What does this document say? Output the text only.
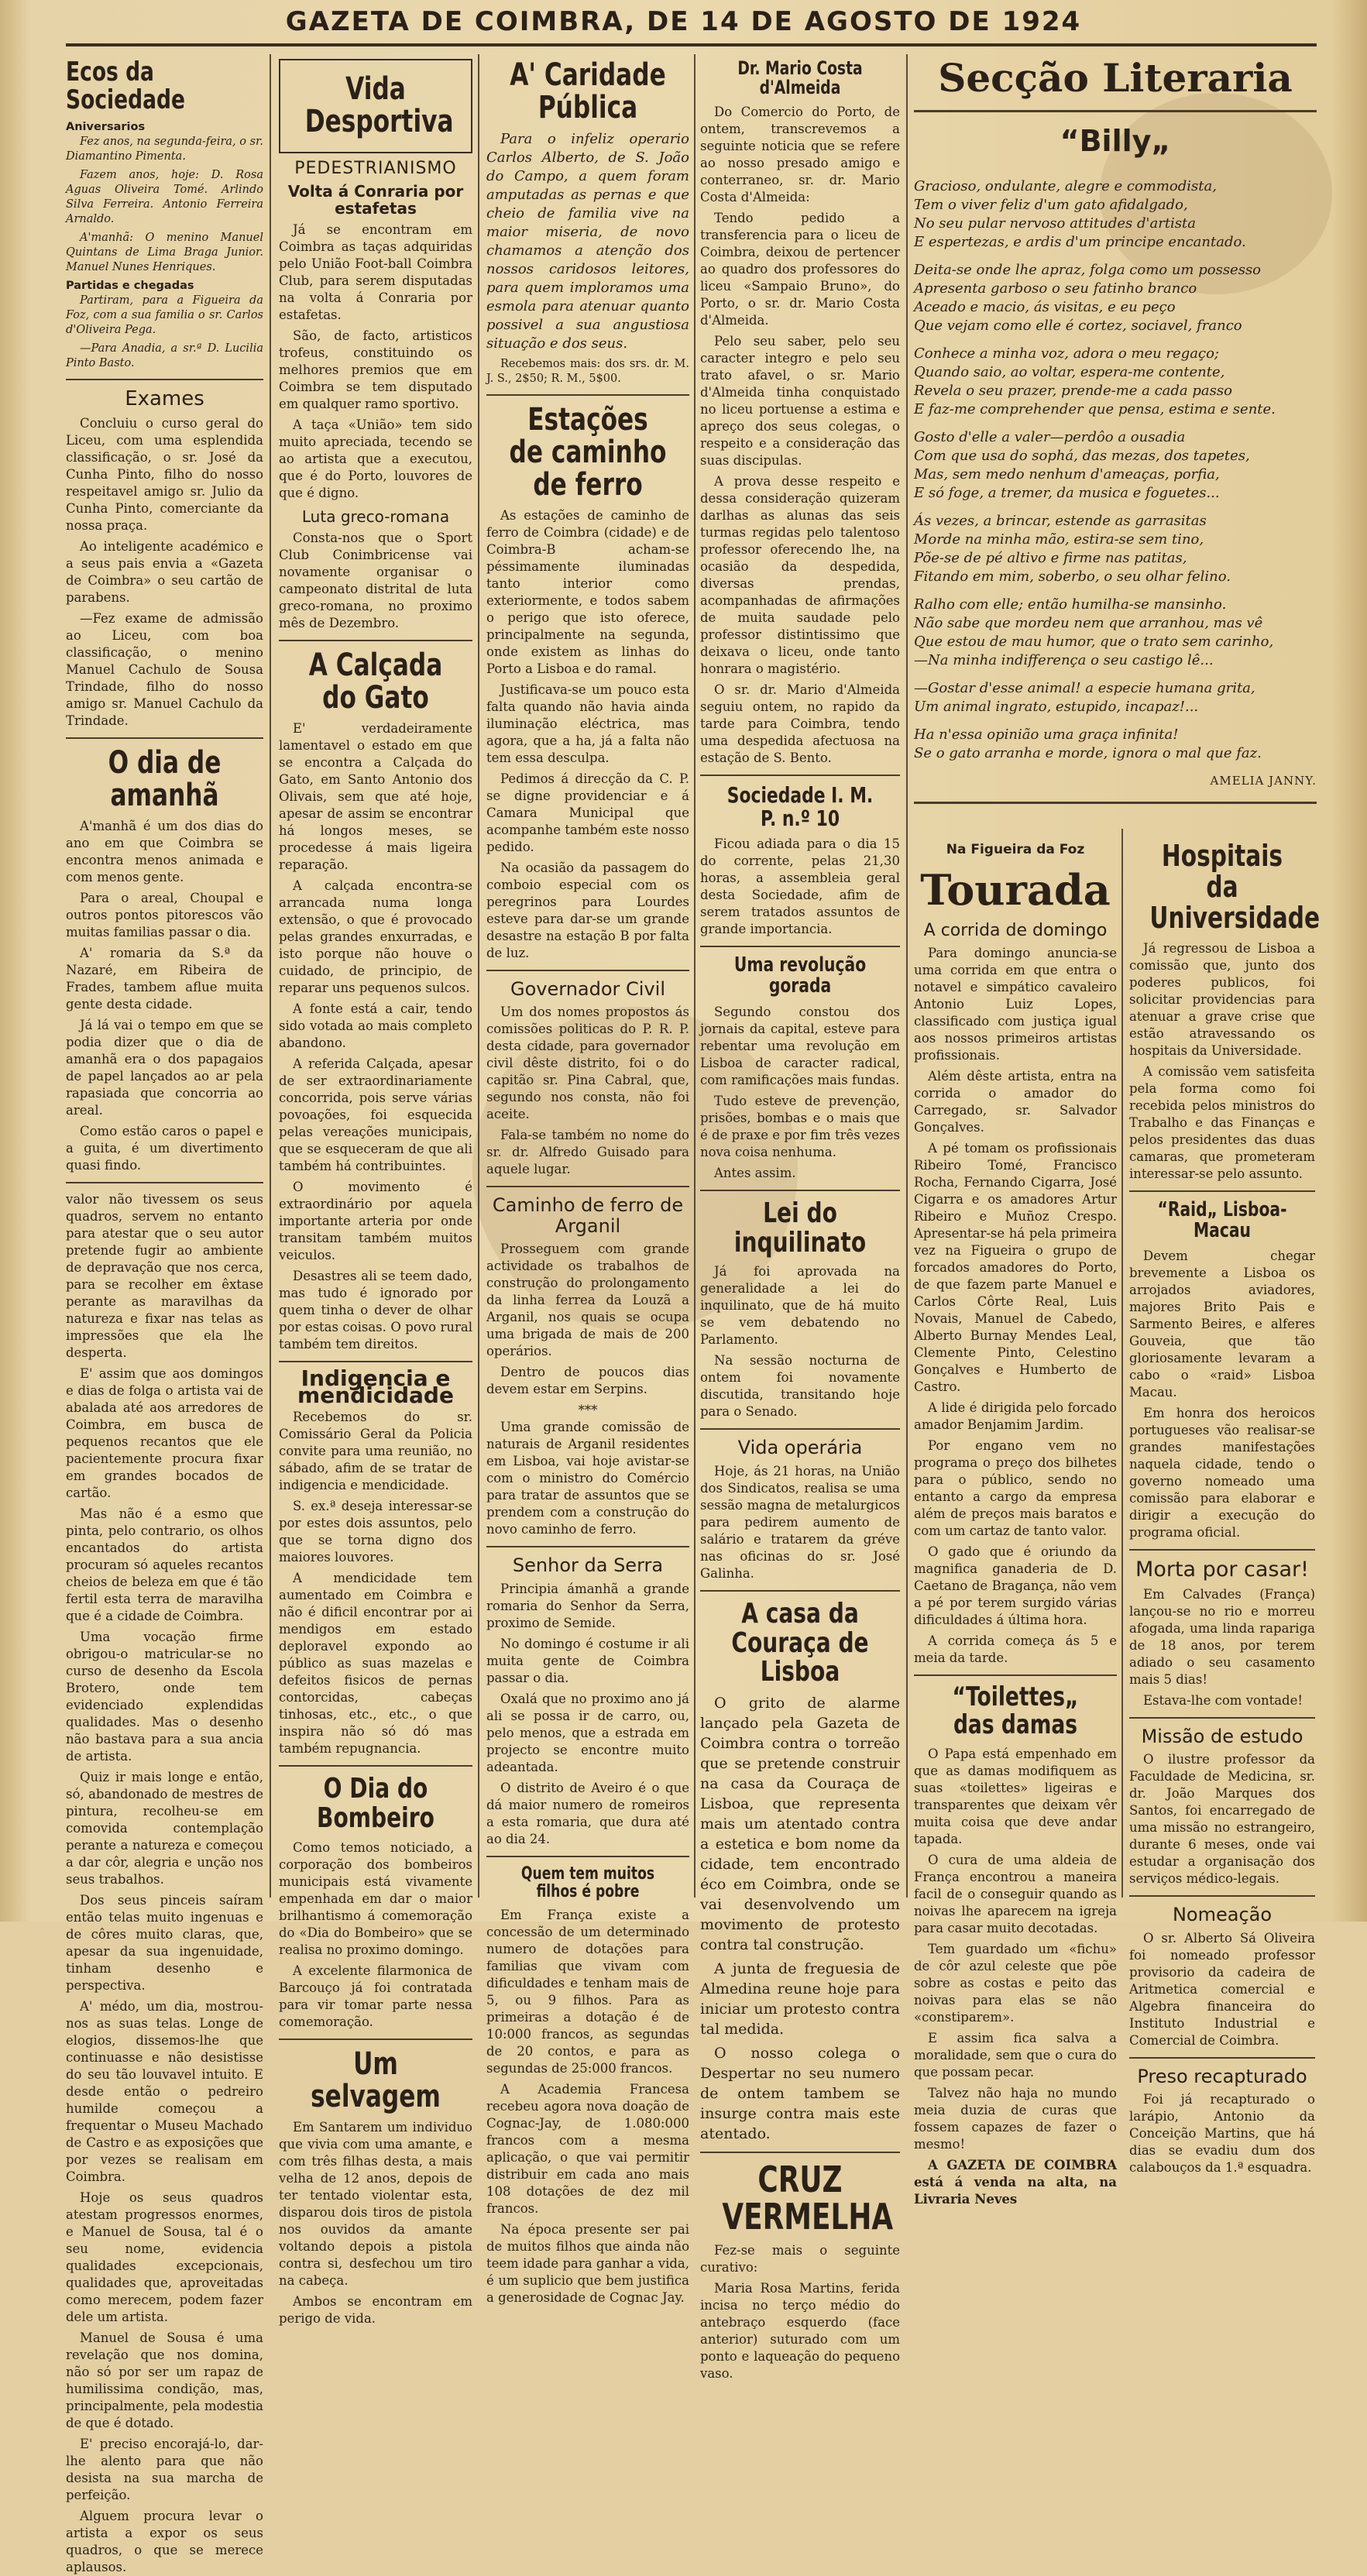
GAZETA DE COIMBRA, DE 14 DE AGOSTO DE 1924
Ecos da Sociedade
Aniversarios

Fez anos, na segunda-feira, o sr. Diamantino Pimenta.

Fazem anos, hoje: D. Rosa Aguas Oliveira Tomé. Arlindo Silva Ferreira. Antonio Ferreira Arnaldo.

A'manhã: O menino Manuel Quintans de Lima Braga Junior. Manuel Nunes Henriques.

Partidas e chegadas

Partiram, para a Figueira da Foz, com a sua familia o sr. Carlos d'Oliveira Pega.

—Para Anadia, a sr.ª D. Lucilia Pinto Basto.

Exames

Concluiu o curso geral do Liceu, com uma esplendida classificação, o sr. José da Cunha Pinto, filho do nosso respeitavel amigo sr. Julio da Cunha Pinto, comerciante da nossa praça.

Ao inteligente académico e a seus pais envia a «Gazeta de Coimbra» o seu cartão de parabens.

—Fez exame de admissão ao Liceu, com boa classificação, o menino Manuel Cachulo de Sousa Trindade, filho do nosso amigo sr. Manuel Cachulo da Trindade.

O dia de amanhã

A'manhã é um dos dias do ano em que Coimbra se encontra menos animada e com menos gente.

Para o areal, Choupal e outros pontos pitorescos vão muitas familias passar o dia.

A' romaria da S.ª da Nazaré, em Ribeira de Frades, tambem aflue muita gente desta cidade.

Já lá vai o tempo em que se podia dizer que o dia de amanhã era o dos papagaios de papel lançados ao ar pela rapasiada que concorria ao areal.

Como estão caros o papel e a guita, é um divertimento quasi findo.

valor não tivessem os seus quadros, servem no entanto para atestar que o seu autor pretende fugir ao ambiente de depravação que nos cerca, para se recolher em êxtase perante as maravilhas da natureza e fixar nas telas as impressões que ela lhe desperta.

E' assim que aos domingos e dias de folga o artista vai de abalada até aos arredores de Coimbra, em busca de pequenos recantos que ele pacientemente procura fixar em grandes bocados de cartão.

Mas não é a esmo que pinta, pelo contrario, os olhos encantados do artista procuram só aqueles recantos cheios de beleza em que é tão fertil esta terra de maravilha que é a cidade de Coimbra.

Uma vocação firme obrigou-o matricular-se no curso de desenho da Escola Brotero, onde tem evidenciado explendidas qualidades. Mas o desenho não bastava para a sua ancia de artista.

Quiz ir mais longe e então, só, abandonado de mestres de pintura, recolheu-se em comovida contemplação perante a natureza e começou a dar côr, alegria e unção nos seus trabalhos.

Dos seus pinceis saíram então telas muito ingenuas e de côres muito claras, que, apesar da sua ingenuidade, tinham desenho e perspectiva.

A' médo, um dia, mostrou-nos as suas telas. Longe de elogios, dissemos-lhe que continuasse e não desistisse do seu tão louvavel intuito. E desde então o pedreiro humilde começou a frequentar o Museu Machado de Castro e as exposições que por vezes se realisam em Coimbra.

Hoje os seus quadros atestam progressos enormes, e Manuel de Sousa, tal é o seu nome, evidencia qualidades excepcionais, qualidades que, aproveitadas como merecem, podem fazer dele um artista.

Manuel de Sousa é uma revelação que nos domina, não só por ser um rapaz de humilissima condição, mas, principalmente, pela modestia de que é dotado.

E' preciso encorajá-lo, dar-lhe alento para que não desista na sua marcha de perfeição.

Alguem procura levar o artista a expor os seus quadros, o que se merece aplausos.

Vida Desportiva
PEDESTRIANISMO
Volta á Conraria por estafetas

Já se encontram em Coimbra as taças adquiridas pelo União Foot-ball Coimbra Club, para serem disputadas na volta á Conraria por estafetas.

São, de facto, artisticos trofeus, constituindo os melhores premios que em Coimbra se tem disputado em qualquer ramo sportivo.

A taça «União» tem sido muito apreciada, tecendo se ao artista que a executou, que é do Porto, louvores de que é digno.

Luta greco-romana

Consta-nos que o Sport Club Conimbricense vai novamente organisar o campeonato distrital de luta greco-romana, no proximo mês de Dezembro.

A Calçada do Gato

E' verdadeiramente lamentavel o estado em que se encontra a Calçada do Gato, em Santo Antonio dos Olivais, sem que até hoje, apesar de assim se encontrar há longos meses, se procedesse á mais ligeira reparação.

A calçada encontra-se arrancada numa longa extensão, o que é provocado pelas grandes enxurradas, e isto porque não houve o cuidado, de principio, de reparar uns pequenos sulcos.

A fonte está a cair, tendo sido votada ao mais completo abandono.

A referida Calçada, apesar de ser extraordinariamente concorrida, pois serve várias povoações, foi esquecida pelas vereações municipais, que se esqueceram de que ali também há contribuintes.

O movimento é extraordinário por aquela importante arteria por onde transitam também muitos veiculos.

Desastres ali se teem dado, mas tudo é ignorado por quem tinha o dever de olhar por estas coisas. O povo rural também tem direitos.

Indigencia e mendicidade

Recebemos do sr. Comissário Geral da Policia convite para uma reunião, no sábado, afim de se tratar de indigencia e mendicidade.

S. ex.ª deseja interessar-se por estes dois assuntos, pelo que se torna digno dos maiores louvores.

A mendicidade tem aumentado em Coimbra e não é dificil encontrar por ai mendigos em estado deploravel expondo ao público as suas mazelas e defeitos fisicos de pernas contorcidas, cabeças tinhosas, etc., etc., o que inspira não só dó mas também repugnancia.

O Dia do Bombeiro

Como temos noticiado, a corporação dos bombeiros municipais está vivamente empenhada em dar o maior brilhantismo á comemoração do «Dia do Bombeiro» que se realisa no proximo domingo.

A excelente filarmonica de Barcouço já foi contratada para vir tomar parte nessa comemoração.

Um selvagem

Em Santarem um individuo que vivia com uma amante, e com três filhas desta, a mais velha de 12 anos, depois de ter tentado violentar esta, disparou dois tiros de pistola nos ouvidos da amante voltando depois a pistola contra si, desfechou um tiro na cabeça.

Ambos se encontram em perigo de vida.

A' Caridade Pública

Para o infeliz operario Carlos Alberto, de S. João do Campo, a quem foram amputadas as pernas e que cheio de familia vive na maior miseria, de novo chamamos a atenção dos nossos caridosos leitores, para quem imploramos uma esmola para atenuar quanto possivel a sua angustiosa situação e dos seus.

Recebemos mais: dos srs. dr. M. J. S., 2$50; R. M., 5$00.

Estações de caminho de ferro

As estações de caminho de ferro de Coimbra (cidade) e de Coimbra-B acham-se péssimamente iluminadas tanto interior como exteriormente, e todos sabem o perigo que isto oferece, principalmente na segunda, onde existem as linhas do Porto a Lisboa e do ramal.

Justificava-se um pouco esta falta quando não havia ainda iluminação eléctrica, mas agora, que a ha, já a falta não tem essa desculpa.

Pedimos á direcção da C. P. se digne providenciar e á Camara Municipal que acompanhe também este nosso pedido.

Na ocasião da passagem do comboio especial com os peregrinos para Lourdes esteve para dar-se um grande desastre na estação B por falta de luz.

Governador Civil

Um dos nomes propostos ás comissões politicas do P. R. P. desta cidade, para governador civil dêste distrito, foi o do capitão sr. Pina Cabral, que, segundo nos consta, não foi aceite.

Fala-se também no nome do sr. dr. Alfredo Guisado para aquele lugar.

Caminho de ferro de Arganil

Prosseguem com grande actividade os trabalhos de construção do prolongamento da linha ferrea da Louzã a Arganil, nos quais se ocupa uma brigada de mais de 200 operários.

Dentro de poucos dias devem estar em Serpins.

***

Uma grande comissão de naturais de Arganil residentes em Lisboa, vai hoje avistar-se com o ministro do Comércio para tratar de assuntos que se prendem com a construção do novo caminho de ferro.

Senhor da Serra

Principia ámanhã a grande romaria do Senhor da Serra, proximo de Semide.

No domingo é costume ir ali muita gente de Coimbra passar o dia.

Oxalá que no proximo ano já ali se possa ir de carro, ou, pelo menos, que a estrada em projecto se encontre muito adeantada.

O distrito de Aveiro é o que dá maior numero de romeiros a esta romaria, que dura até ao dia 24.

Quem tem muitos filhos é pobre

Em França existe a concessão de um determinado numero de dotações para familias que vivam com dificuldades e tenham mais de 5, ou 9 filhos. Para as primeiras a dotação é de 10:000 francos, as segundas de 20 contos, e para as segundas de 25:000 francos.

A Academia Francesa recebeu agora nova doação de Cognac-Jay, de 1.080:000 francos com a mesma aplicação, o que vai permitir distribuir em cada ano mais 108 dotações de dez mil francos.

Na época presente ser pai de muitos filhos que ainda não teem idade para ganhar a vida, é um suplicio que bem justifica a generosidade de Cognac Jay.

Dr. Mario Costa d'Almeida

Do Comercio do Porto, de ontem, transcrevemos a seguinte noticia que se refere ao nosso presado amigo e conterraneo, sr. dr. Mario Costa d'Almeida:

Tendo pedido a transferencia para o liceu de Coimbra, deixou de pertencer ao quadro dos professores do liceu «Sampaio Bruno», do Porto, o sr. dr. Mario Costa d'Almeida.

Pelo seu saber, pelo seu caracter integro e pelo seu trato afavel, o sr. Mario d'Almeida tinha conquistado no liceu portuense a estima e apreço dos seus colegas, o respeito e a consideração das suas discipulas.

A prova desse respeito e dessa consideração quizeram darlhas as alunas das seis turmas regidas pelo talentoso professor oferecendo lhe, na ocasião da despedida, diversas prendas, acompanhadas de afirmações de muita saudade pelo professor distintissimo que deixava o liceu, onde tanto honrara o magistério.

O sr. dr. Mario d'Almeida seguiu ontem, no rapido da tarde para Coimbra, tendo uma despedida afectuosa na estação de S. Bento.

Sociedade I. M. P. n.º 10

Ficou adiada para o dia 15 do corrente, pelas 21,30 horas, a assembleia geral desta Sociedade, afim de serem tratados assuntos de grande importancia.

Uma revolução gorada

Segundo constou dos jornais da capital, esteve para rebentar uma revolução em Lisboa de caracter radical, com ramificações mais fundas.

Tudo esteve de prevenção, prisões, bombas e o mais que é de praxe e por fim três vezes nova coisa nenhuma.

Antes assim.

Lei do inquilinato

Já foi aprovada na generalidade a lei do inquilinato, que de há muito se vem debatendo no Parlamento.

Na sessão nocturna de ontem foi novamente discutida, transitando hoje para o Senado.

Vida operária

Hoje, ás 21 horas, na União dos Sindicatos, realisa se uma sessão magna de metalurgicos para pedirem aumento de salário e tratarem da gréve nas oficinas do sr. José Galinha.

A casa da Couraça de Lisboa

O grito de alarme lançado pela Gazeta de Coimbra contra o torreão que se pretende construir na casa da Couraça de Lisboa, que representa mais um atentado contra a estetica e bom nome da cidade, tem encontrado éco em Coimbra, onde se vai desenvolvendo um movimento de protesto contra tal construção.

A junta de freguesia de Almedina reune hoje para iniciar um protesto contra tal medida.

O nosso colega o Despertar no seu numero de ontem tambem se insurge contra mais este atentado.

CRUZ VERMELHA

Fez-se mais o seguinte curativo:

Maria Rosa Martins, ferida incisa no terço médio do antebraço esquerdo (face anterior) suturado com um ponto e laqueação do pequeno vaso.

Secção Literaria
“Billy„

Gracioso, ondulante, alegre e commodista,

Tem o viver feliz d'um gato afidalgado,

No seu pular nervoso attitudes d'artista

E espertezas, e ardis d'um principe encantado.

Deita-se onde lhe apraz, folga como um possesso

Apresenta garboso o seu fatinho branco

Aceado e macio, ás visitas, e eu peço

Que vejam como elle é cortez, sociavel, franco

Conhece a minha voz, adora o meu regaço;

Quando saio, ao voltar, espera-me contente,

Revela o seu prazer, prende-me a cada passo

E faz-me comprehender que pensa, estima e sente.

Gosto d'elle a valer—perdôo a ousadia

Com que usa do sophá, das mezas, dos tapetes,

Mas, sem medo nenhum d'ameaças, porfia,

E só foge, a tremer, da musica e foguetes...

Ás vezes, a brincar, estende as garrasitas

Morde na minha mão, estira-se sem tino,

Põe-se de pé altivo e firme nas patitas,

Fitando em mim, soberbo, o seu olhar felino.

Ralho com elle; então humilha-se mansinho.

Não sabe que mordeu nem que arranhou, mas vê

Que estou de mau humor, que o trato sem carinho,

—Na minha indifferença o seu castigo lê...

—Gostar d'esse animal! a especie humana grita,

Um animal ingrato, estupido, incapaz!...

Ha n'essa opinião uma graça infinita!

Se o gato arranha e morde, ignora o mal que faz.

AMELIA JANNY.
Na Figueira da Foz
Tourada
A corrida de domingo

Para domingo anuncia-se uma corrida em que entra o notavel e simpático cavaleiro Antonio Luiz Lopes, classificado com justiça igual aos nossos primeiros artistas profissionais.

Além dêste artista, entra na corrida o amador do Carregado, sr. Salvador Gonçalves.

A pé tomam os profissionais Ribeiro Tomé, Francisco Rocha, Fernando Cigarra, José Cigarra e os amadores Artur Ribeiro e Muñoz Crespo. Apresentar-se há pela primeira vez na Figueira o grupo de forcados amadores do Porto, de que fazem parte Manuel e Carlos Côrte Real, Luis Novais, Manuel de Cabedo, Alberto Burnay Mendes Leal, Clemente Pinto, Celestino Gonçalves e Humberto de Castro.

A lide é dirigida pelo forcado amador Benjamim Jardim.

Por engano vem no programa o preço dos bilhetes para o público, sendo no entanto a cargo da empresa além de preços mais baratos e com um cartaz de tanto valor.

O gado que é oriundo da magnifica ganaderia de D. Caetano de Bragança, não vem a pé por terem surgido várias dificuldades á última hora.

A corrida começa ás 5 e meia da tarde.

“Toilettes„ das damas

O Papa está empenhado em que as damas modifiquem as suas «toilettes» ligeiras e transparentes que deixam vêr muita coisa que deve andar tapada.

O cura de uma aldeia de França encontrou a maneira facil de o conseguir quando as noivas lhe aparecem na igreja para casar muito decotadas.

Tem guardado um «fichu» de côr azul celeste que põe sobre as costas e peito das noivas para elas se não «constiparem».

E assim fica salva a moralidade, sem que o cura do que possam pecar.

Talvez não haja no mundo meia duzia de curas que fossem capazes de fazer o mesmo!

A GAZETA DE COIMBRA está á venda na alta, na Livraria Neves

Hospitais da Universidade

Já regressou de Lisboa a comissão que, junto dos poderes publicos, foi solicitar providencias para atenuar a grave crise que estão atravessando os hospitais da Universidade.

A comissão vem satisfeita pela forma como foi recebida pelos ministros do Trabalho e das Finanças e pelos presidentes das duas camaras, que prometeram interessar-se pelo assunto.

“Raid„ Lisboa-Macau

Devem chegar brevemente a Lisboa os arrojados aviadores, majores Brito Pais e Sarmento Beires, e alferes Gouveia, que tão gloriosamente levaram a cabo o «raid» Lisboa Macau.

Em honra dos heroicos portugueses vão realisar-se grandes manifestações naquela cidade, tendo o governo nomeado uma comissão para elaborar e dirigir a execução do programa oficial.

Morta por casar!

Em Calvades (França) lançou-se no rio e morreu afogada, uma linda rapariga de 18 anos, por terem adiado o seu casamento mais 5 dias!

Estava-lhe com vontade!

Missão de estudo

O ilustre professor da Faculdade de Medicina, sr. dr. João Marques dos Santos, foi encarregado de uma missão no estrangeiro, durante 6 meses, onde vai estudar a organisação dos serviços médico-legais.

Nomeação

O sr. Alberto Sá Oliveira foi nomeado professor provisorio da cadeira de Aritmetica comercial e Algebra financeira do Instituto Industrial e Comercial de Coimbra.

Preso recapturado

Foi já recapturado o larápio, Antonio da Conceição Martins, que há dias se evadiu dum dos calabouços da 1.ª esquadra.
